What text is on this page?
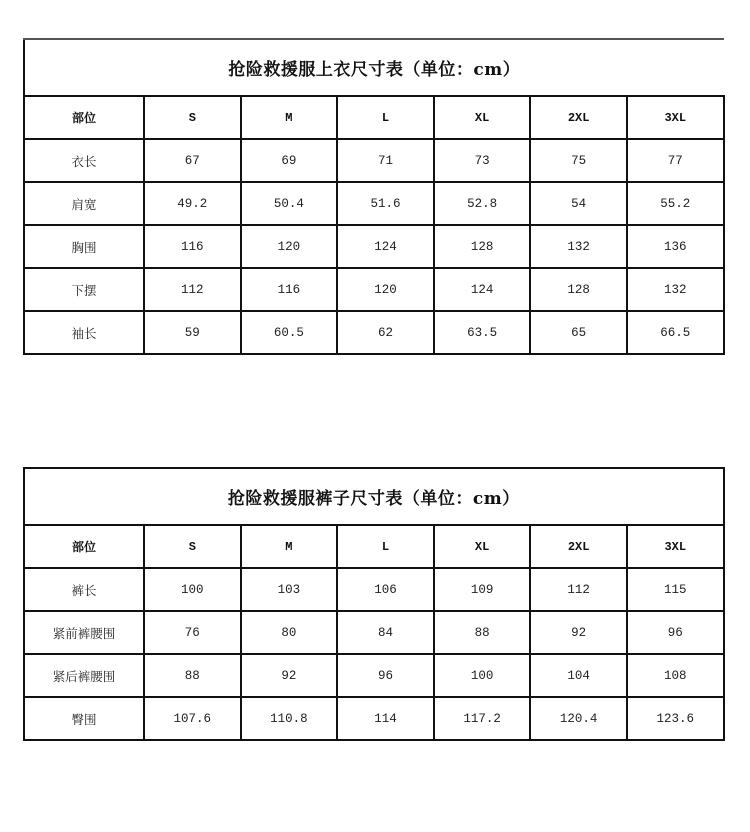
抢险救援服上衣尺寸表（单位：cm）						
部位	S	M	L	XL	2XL	3XL
衣长	67	69	71	73	75	77
肩宽	49.2	50.4	51.6	52.8	54	55.2
胸围	116	120	124	128	132	136
下摆	112	116	120	124	128	132
袖长	59	60.5	62	63.5	65	66.5
抢险救援服裤子尺寸表（单位：cm）						
部位	S	M	L	XL	2XL	3XL
裤长	100	103	106	109	112	115
紧前裤腰围	76	80	84	88	92	96
紧后裤腰围	88	92	96	100	104	108
臀围	107.6	110.8	114	117.2	120.4	123.6
